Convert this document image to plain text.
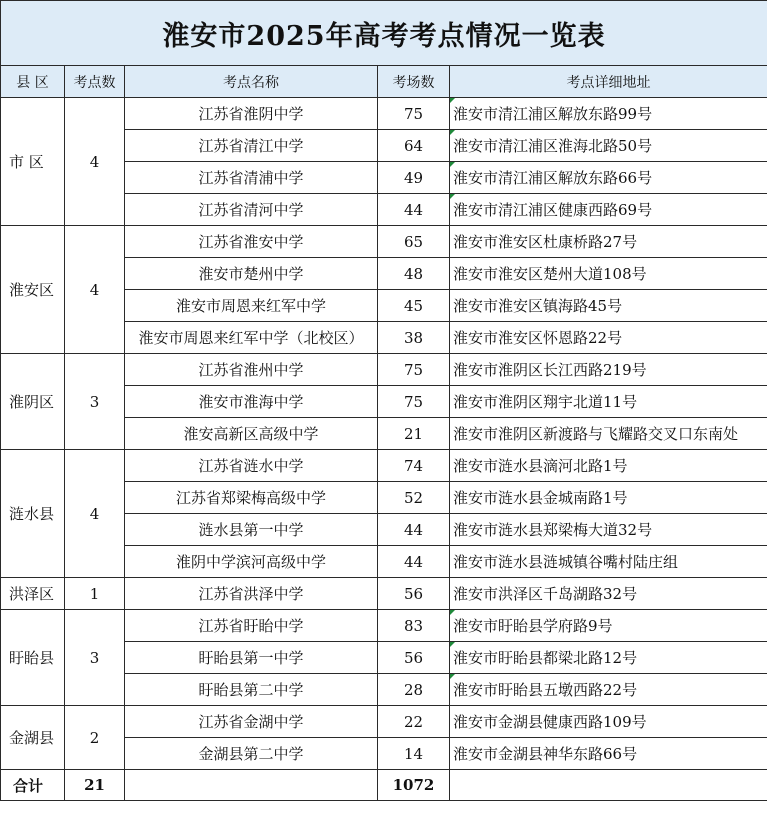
淮安市2025年高考考点情况一览表				
县 区	考点数	考点名称	考场数	考点详细地址
市 区	4	江苏省淮阴中学	75	淮安市清江浦区解放东路99号
		江苏省清江中学	64	淮安市清江浦区淮海北路50号
		江苏省清浦中学	49	淮安市清江浦区解放东路66号
		江苏省清河中学	44	淮安市清江浦区健康西路69号
淮安区	4	江苏省淮安中学	65	淮安市淮安区杜康桥路27号
		淮安市楚州中学	48	淮安市淮安区楚州大道108号
		淮安市周恩来红军中学	45	淮安市淮安区镇海路45号
		淮安市周恩来红军中学（北校区）	38	淮安市淮安区怀恩路22号
淮阴区	3	江苏省淮州中学	75	淮安市淮阴区长江西路219号
		淮安市淮海中学	75	淮安市淮阴区翔宇北道11号
		淮安高新区高级中学	21	淮安市淮阴区新渡路与飞耀路交叉口东南处
涟水县	4	江苏省涟水中学	74	淮安市涟水县滴河北路1号
		江苏省郑梁梅高级中学	52	淮安市涟水县金城南路1号
		涟水县第一中学	44	淮安市涟水县郑梁梅大道32号
		淮阴中学滨河高级中学	44	淮安市涟水县涟城镇谷嘴村陆庄组
洪泽区	1	江苏省洪泽中学	56	淮安市洪泽区千岛湖路32号
盱眙县	3	江苏省盱眙中学	83	淮安市盱眙县学府路9号
		盱眙县第一中学	56	淮安市盱眙县都梁北路12号
		盱眙县第二中学	28	淮安市盱眙县五墩西路22号
金湖县	2	江苏省金湖中学	22	淮安市金湖县健康西路109号
		金湖县第二中学	14	淮安市金湖县神华东路66号
合计	21		1072	
